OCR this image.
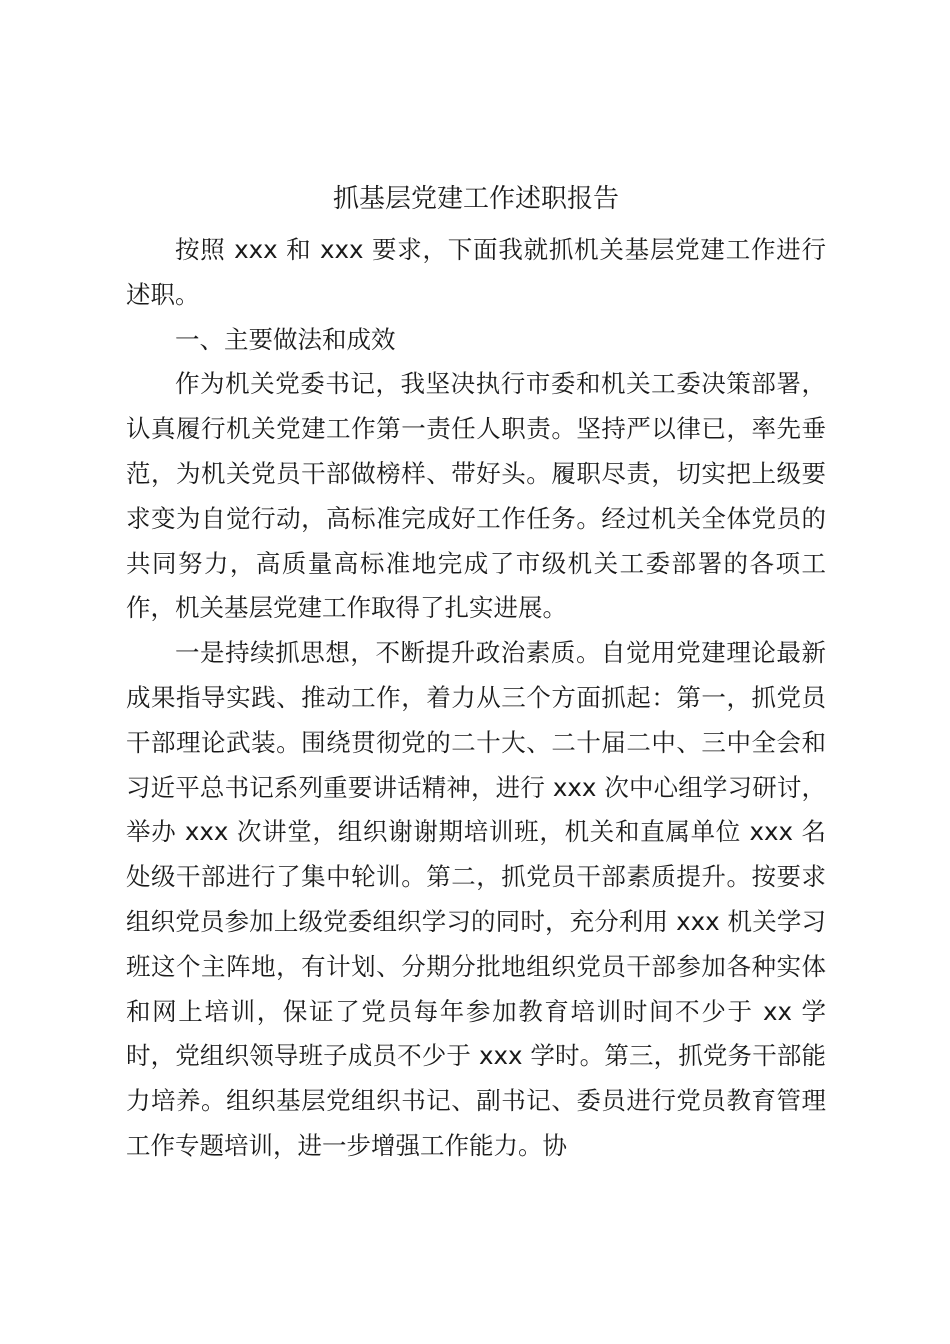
抓基层党建工作述职报告

按照 xxx 和 xxx 要求，下面我就抓机关基层党建工作进行述职。

一、主要做法和成效

作为机关党委书记，我坚决执行市委和机关工委决策部署，认真履行机关党建工作第一责任人职责。坚持严以律已，率先垂范，为机关党员干部做榜样、带好头。履职尽责，切实把上级要求变为自觉行动，高标准完成好工作任务。经过机关全体党员的共同努力，高质量高标准地完成了市级机关工委部署的各项工作，机关基层党建工作取得了扎实进展。

一是持续抓思想，不断提升政治素质。自觉用党建理论最新成果指导实践、推动工作，着力从三个方面抓起：第一，抓党员干部理论武装。围绕贯彻党的二十大、二十届二中、三中全会和习近平总书记系列重要讲话精神，进行 xxx 次中心组学习研讨，举办 xxx 次讲堂，组织谢谢期培训班，机关和直属单位 xxx 名处级干部进行了集中轮训。第二，抓党员干部素质提升。按要求组织党员参加上级党委组织学习的同时，充分利用 xxx 机关学习班这个主阵地，有计划、分期分批地组织党员干部参加各种实体和网上培训，保证了党员每年参加教育培训时间不少于 xx 学时，党组织领导班子成员不少于 xxx 学时。第三，抓党务干部能力培养。组织基层党组织书记、副书记、委员进行党员教育管理工作专题培训，进一步增强工作能力。协
